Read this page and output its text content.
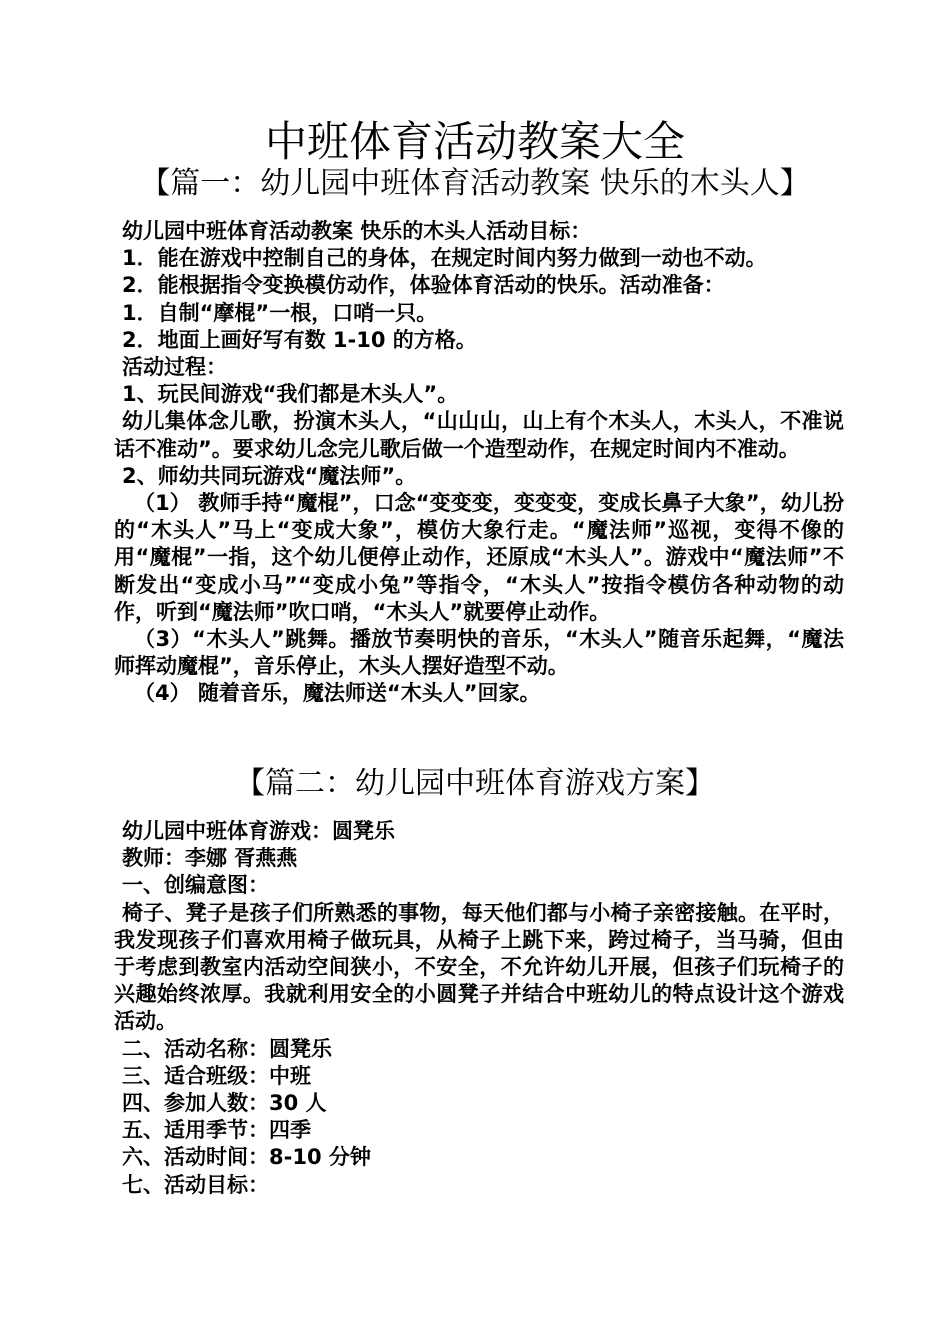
中班体育活动教案大全
【篇一：幼儿园中班体育活动教案 快乐的木头人】

幼儿园中班体育活动教案 快乐的木头人活动目标：

1．能在游戏中控制自己的身体，在规定时间内努力做到一动也不动。

2．能根据指令变换模仿动作，体验体育活动的快乐。活动准备：

1．自制“摩棍”一根，口哨一只。

2．地面上画好写有数 1-10 的方格。

活动过程：

1、玩民间游戏“我们都是木头人”。

幼儿集体念儿歌，扮演木头人，“山山山，山上有个木头人，木头人，不准说话不准动”。要求幼儿念完儿歌后做一个造型动作，在规定时间内不准动。

2、师幼共同玩游戏“魔法师”。

（1） 教师手持“魔棍”，口念“变变变，变变变，变成长鼻子大象”，幼儿扮的“木头人”马上“变成大象”，模仿大象行走。“魔法师”巡视，变得不像的用“魔棍”一指，这个幼儿便停止动作，还原成“木头人”。游戏中“魔法师”不断发出“变成小马”“变成小兔”等指令，“木头人”按指令模仿各种动物的动作，听到“魔法师”吹口哨，“木头人”就要停止动作。

（3）“木头人”跳舞。播放节奏明快的音乐，“木头人”随音乐起舞，“魔法师挥动魔棍”，音乐停止，木头人摆好造型不动。

（4） 随着音乐，魔法师送“木头人”回家。

【篇二：幼儿园中班体育游戏方案】

幼儿园中班体育游戏：圆凳乐

教师：李娜 胥燕燕

一、创编意图：

椅子、凳子是孩子们所熟悉的事物，每天他们都与小椅子亲密接触。在平时，我发现孩子们喜欢用椅子做玩具，从椅子上跳下来，跨过椅子，当马骑，但由于考虑到教室内活动空间狭小，不安全，不允许幼儿开展，但孩子们玩椅子的兴趣始终浓厚。我就利用安全的小圆凳子并结合中班幼儿的特点设计这个游戏活动。

二、活动名称：圆凳乐

三、适合班级：中班

四、参加人数：30 人

五、适用季节：四季

六、活动时间：8-10 分钟

七、活动目标：
